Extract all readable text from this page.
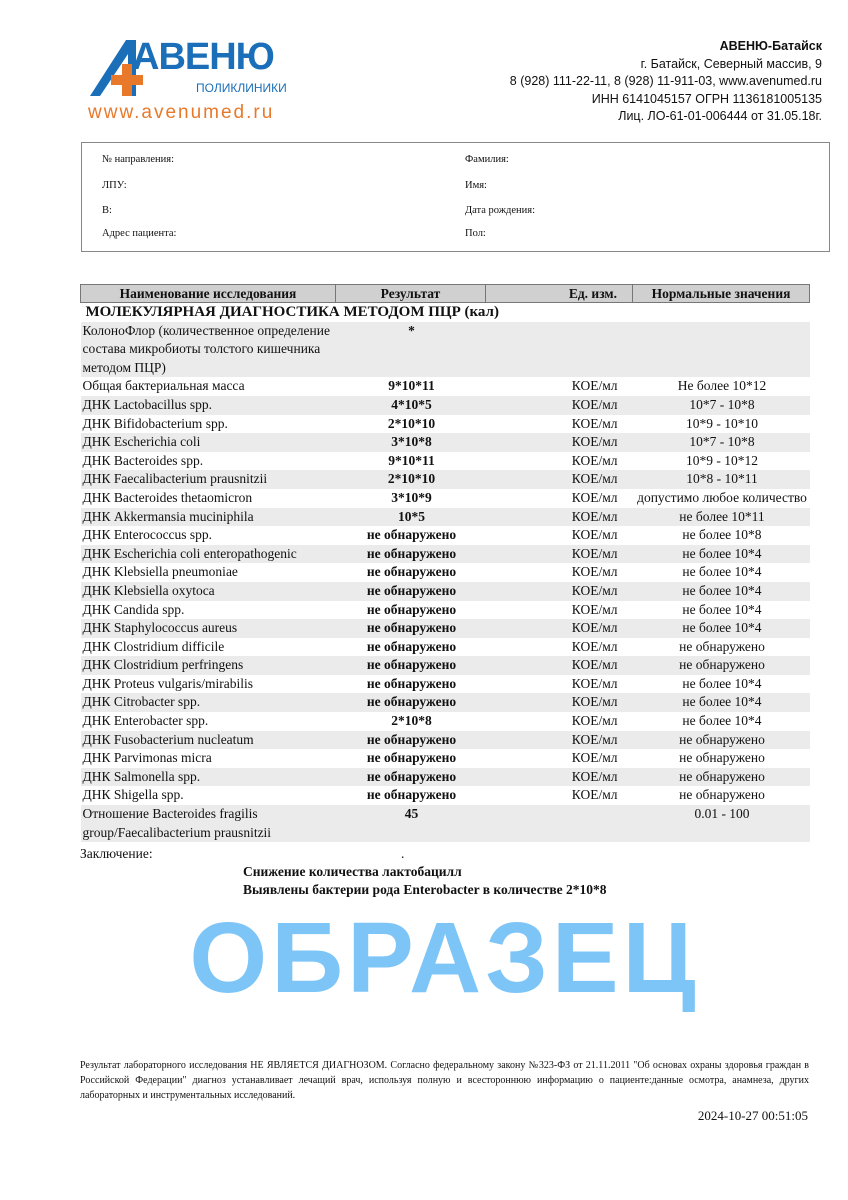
АВЕНЮ
ПОЛИКЛИНИКИ
www.avenumed.ru
АВЕНЮ-Батайск
г. Батайск, Северный массив, 9
8 (928) 111-22-11, 8 (928) 11-911-03, www.avenumed.ru
ИНН 6141045157 ОГРН 1136181005135
Лиц. ЛО-61-01-006444 от 31.05.18г.
№ направления:
ЛПУ:
В:
Адрес пациента:
Фамилия:
Имя:
Дата рождения:
Пол:
Наименование исследования	Результат	Ед. изм.	Нормальные значения
МОЛЕКУЛЯРНАЯ ДИАГНОСТИКА МЕТОДОМ ПЦР (кал)			
КолоноФлор (количественное определение состава микробиоты толстого кишечника методом ПЦР)	*		
Общая бактериальная масса	9*10*11	КОЕ/мл	Не более 10*12
ДНК Lactobacillus spp.	4*10*5	КОЕ/мл	10*7 - 10*8
ДНК Bifidobacterium spp.	2*10*10	КОЕ/мл	10*9 - 10*10
ДНК Escherichia coli	3*10*8	КОЕ/мл	10*7 - 10*8
ДНК Bacteroides spp.	9*10*11	КОЕ/мл	10*9 - 10*12
ДНК Faecalibacterium prausnitzii	2*10*10	КОЕ/мл	10*8 - 10*11
ДНК Bacteroides thetaomicron	3*10*9	КОЕ/мл	допустимо любое количество
ДНК Akkermansia muciniphila	10*5	КОЕ/мл	не более 10*11
ДНК Enterococcus spp.	не обнаружено	КОЕ/мл	не более 10*8
ДНК Escherichia coli enteropathogenic	не обнаружено	КОЕ/мл	не более 10*4
ДНК Klebsiella pneumoniae	не обнаружено	КОЕ/мл	не более 10*4
ДНК Klebsiella oxytoca	не обнаружено	КОЕ/мл	не более 10*4
ДНК Candida spp.	не обнаружено	КОЕ/мл	не более 10*4
ДНК Staphylococcus aureus	не обнаружено	КОЕ/мл	не более 10*4
ДНК Clostridium difficile	не обнаружено	КОЕ/мл	не обнаружено
ДНК Clostridium perfringens	не обнаружено	КОЕ/мл	не обнаружено
ДНК Proteus vulgaris/mirabilis	не обнаружено	КОЕ/мл	не более 10*4
ДНК Citrobacter spp.	не обнаружено	КОЕ/мл	не более 10*4
ДНК Enterobacter spp.	2*10*8	КОЕ/мл	не более 10*4
ДНК Fusobacterium nucleatum	не обнаружено	КОЕ/мл	не обнаружено
ДНК Parvimonas micra	не обнаружено	КОЕ/мл	не обнаружено
ДНК Salmonella spp.	не обнаружено	КОЕ/мл	не обнаружено
ДНК Shigella spp.	не обнаружено	КОЕ/мл	не обнаружено
Отношение Bacteroides fragilis group/Faecalibacterium prausnitzii	45		0.01 - 100
Заключение:	.
Снижение количества лактобацилл
Выявлены бактерии рода Enterobacter в количестве 2*10*8
ОБРАЗЕЦ
Результат лабораторного исследования НЕ ЯВЛЯЕТСЯ ДИАГНОЗОМ. Согласно федеральному закону №323-ФЗ от 21.11.2011 "Об основах охраны здоровья граждан в Российской Федерации" диагноз устанавливает лечащий врач, используя полную и всестороннюю информацию о пациенте:данные осмотра, анамнеза, других лабораторных и инструментальных исследований.
2024-10-27 00:51:05
